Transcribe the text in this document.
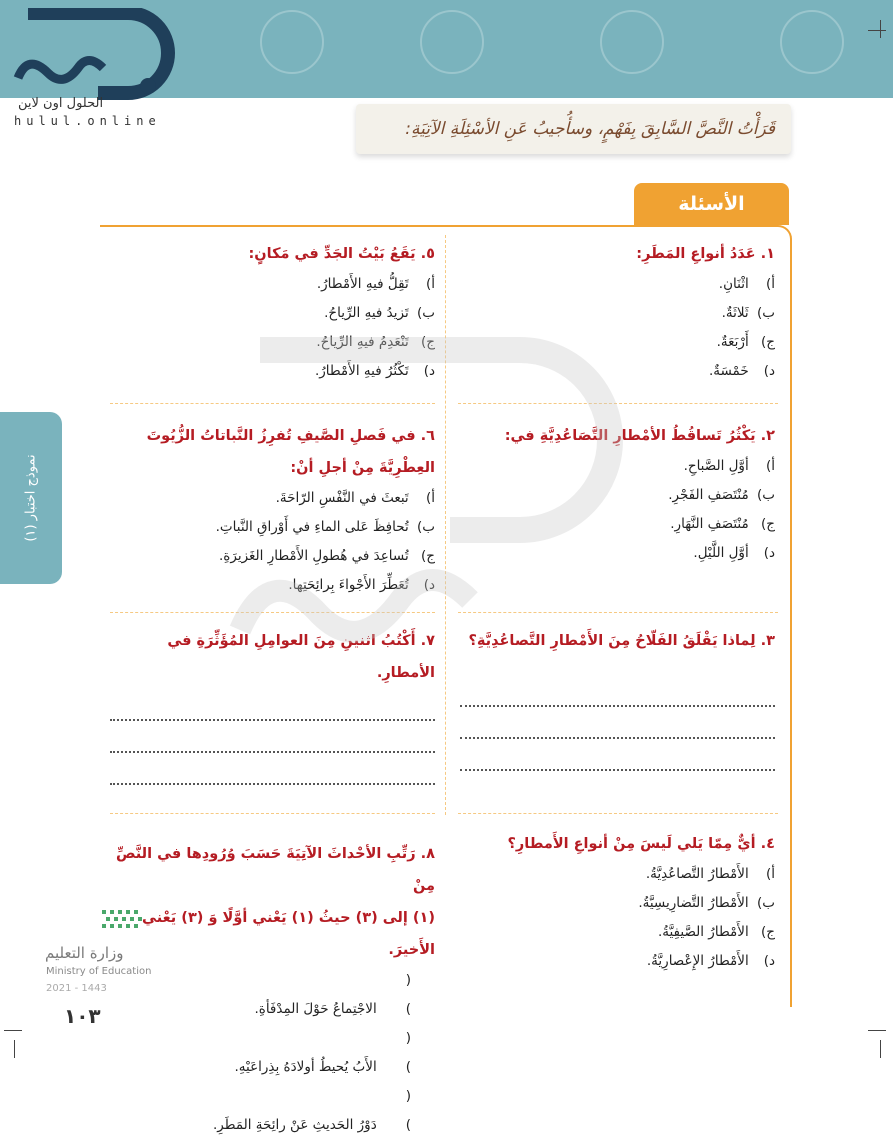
الحلول اون لاين
hulul.online	قَرَأْتُ النَّصَّ السَّابِقَ بِفَهْمٍ، وسأُجيبُ عَنِ الأسْئِلَةِ الآتِيَةِ:
الأسئلة
نموذج اختبار (١)
١. عَدَدُ أنواعِ المَطَرِ:
أ) اثْنَانِ.
ب) ثَلاثَةٌ.
ج) أَرْبَعَةٌ.
د) خَمْسَةٌ.
٥. يَقَعُ بَيْتُ الجَدِّ في مَكانٍ:
أ) تَقِلُّ فيهِ الأَمْطارُ.
ب) تَزيدُ فيهِ الرِّياحُ.
ج) تَنْعَدِمُ فيهِ الرِّياحُ.
د) تَكْثُرُ فيهِ الأَمْطارُ.
٢. يَكْثُرُ تَساقُطُ الأمْطارِ التَّصَاعُدِيَّةِ في:
أ) أوَّلِ الصَّباحِ.
ب) مُنْتَصَفِ الفَجْرِ.
ج) مُنْتَصَفِ النَّهَارِ.
د) أوَّلِ اللَّيْلِ.
٦. في فَصلِ الصَّيفِ تُفرِزُ النَّباتاتُ الزُّيُوتَ
العِطْرِيَّةَ مِنْ أجلِ أنْ:
أ) تَبعثَ في النَّفْسِ الرّاحَةَ.
ب) تُحافِظَ عَلى الماءِ في أَوْراقِ النَّباتِ.
ج) تُساعِدَ في هُطولِ الأَمْطارِ الغَزيرَةِ.
د) تُعَطِّرَ الأَجْواءَ بِرائِحَتِها.
٣. لِماذا يَقْلَقُ الفَلّاحُ مِنَ الأَمْطارِ التَّصاعُدِيَّةِ؟
٧. أَكْتُبُ اثنينِ مِنَ العوامِلِ المُؤَثِّرَةِ في
الأمطارِ.
٤. أيٌّ مِمّا يَلي لَيسَ مِنْ أنواعِ الأَمطارِ؟
أ) الأَمْطارُ التَّصاعُدِيَّةُ.
ب) الأَمْطارُ التَّضارِيسِيَّةُ.
ج) الأَمْطارُ الصَّيفِيَّةُ.
د) الأَمْطارُ الإِعْصارِيَّةُ.
٨. رَتِّبِ الأحْداثَ الآتِيَةَ حَسَبَ وُرُودِها في النَّصِّ مِنْ
(١) إلى (٣) حيثُ (١) يَعْني أوَّلًا وَ (٣) يَعْني الأَخيرَ.
( ) الاجْتِماعُ حَوْلَ المِدْفَأةِ.
( ) الأَبُ يُحيطُ أولادَهُ بِذِراعَيْهِ.
( ) دَوْرُ الحَديثِ عَنْ رائِحَةِ المَطَرِ.
وزارة التعليم
Ministry of Education
2021 - 1443
١٠٣
